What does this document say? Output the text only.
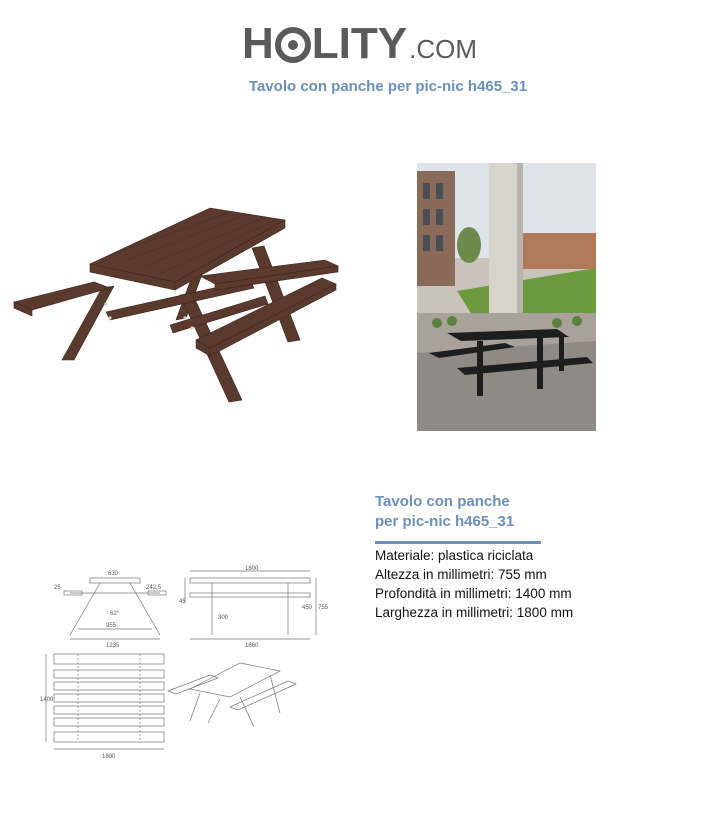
H LITY .COM
Tavolo con panche per pic-nic h465_31
630
25	242,5
62°
955
1235
1800
45
300
450 755
1660
1400
1800
Tavolo con panche
per pic-nic h465_31
Materiale: plastica riciclata
Altezza in millimetri: 755 mm
Profondità in millimetri: 1400 mm
Larghezza in millimetri: 1800 mm
